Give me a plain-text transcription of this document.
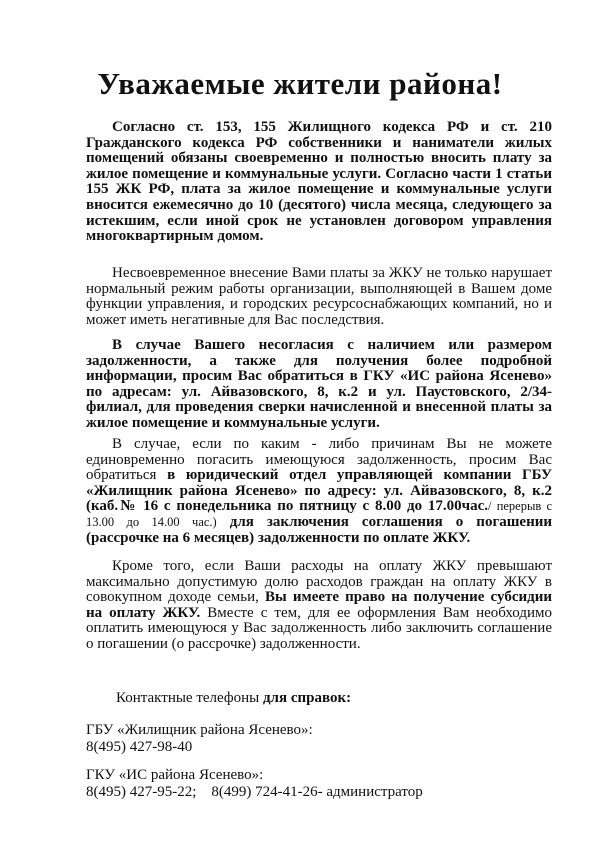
Уважаемые жители района!
Согласно ст. 153, 155 Жилищного кодекса РФ и ст. 210 Гражданского кодекса РФ собственники и наниматели жилых помещений обязаны своевременно и полностью вносить плату за жилое помещение и коммунальные услуги. Согласно части 1 статьи 155 ЖК РФ, плата за жилое помещение и коммунальные услуги вносится ежемесячно до 10 (десятого) числа месяца, следующего за истекшим, если иной срок не установлен договором управления многоквартирным домом.
Несвоевременное внесение Вами платы за ЖКУ не только нарушает нормальный режим работы организации, выполняющей в Вашем доме функции управления, и городских ресурсоснабжающих компаний, но и может иметь негативные для Вас последствия.
В случае Вашего несогласия с наличием или размером задолженности, а также для получения более подробной информации, просим Вас обратиться в ГКУ «ИС района Ясенево» по адресам: ул. Айвазовского, 8, к.2 и ул. Паустовского, 2/34-филиал, для проведения сверки начисленной и внесенной платы за жилое помещение и коммунальные услуги.
В случае, если по каким - либо причинам Вы не можете единовременно погасить имеющуюся задолженность, просим Вас обратиться в юридический отдел управляющей компании ГБУ «Жилищник района Ясенево» по адресу: ул. Айвазовского, 8, к.2 (каб.№ 16 с понедельника по пятницу с 8.00 до 17.00час./ перерыв с 13.00 до 14.00 час.) для заключения соглашения о погашении (рассрочке на 6 месяцев) задолженности по оплате ЖКУ.
Кроме того, если Ваши расходы на оплату ЖКУ превышают максимально допустимую долю расходов граждан на оплату ЖКУ в совокупном доходе семьи, Вы имеете право на получение субсидии на оплату ЖКУ. Вместе с тем, для ее оформления Вам необходимо оплатить имеющуюся у Вас задолженность либо заключить соглашение о погашении (о рассрочке) задолженности.
Контактные телефоны для справок:
ГБУ «Жилищник района Ясенево»:
8(495) 427-98-40
ГКУ «ИС района Ясенево»:
8(495) 427-95-22;    8(499) 724-41-26- администратор
